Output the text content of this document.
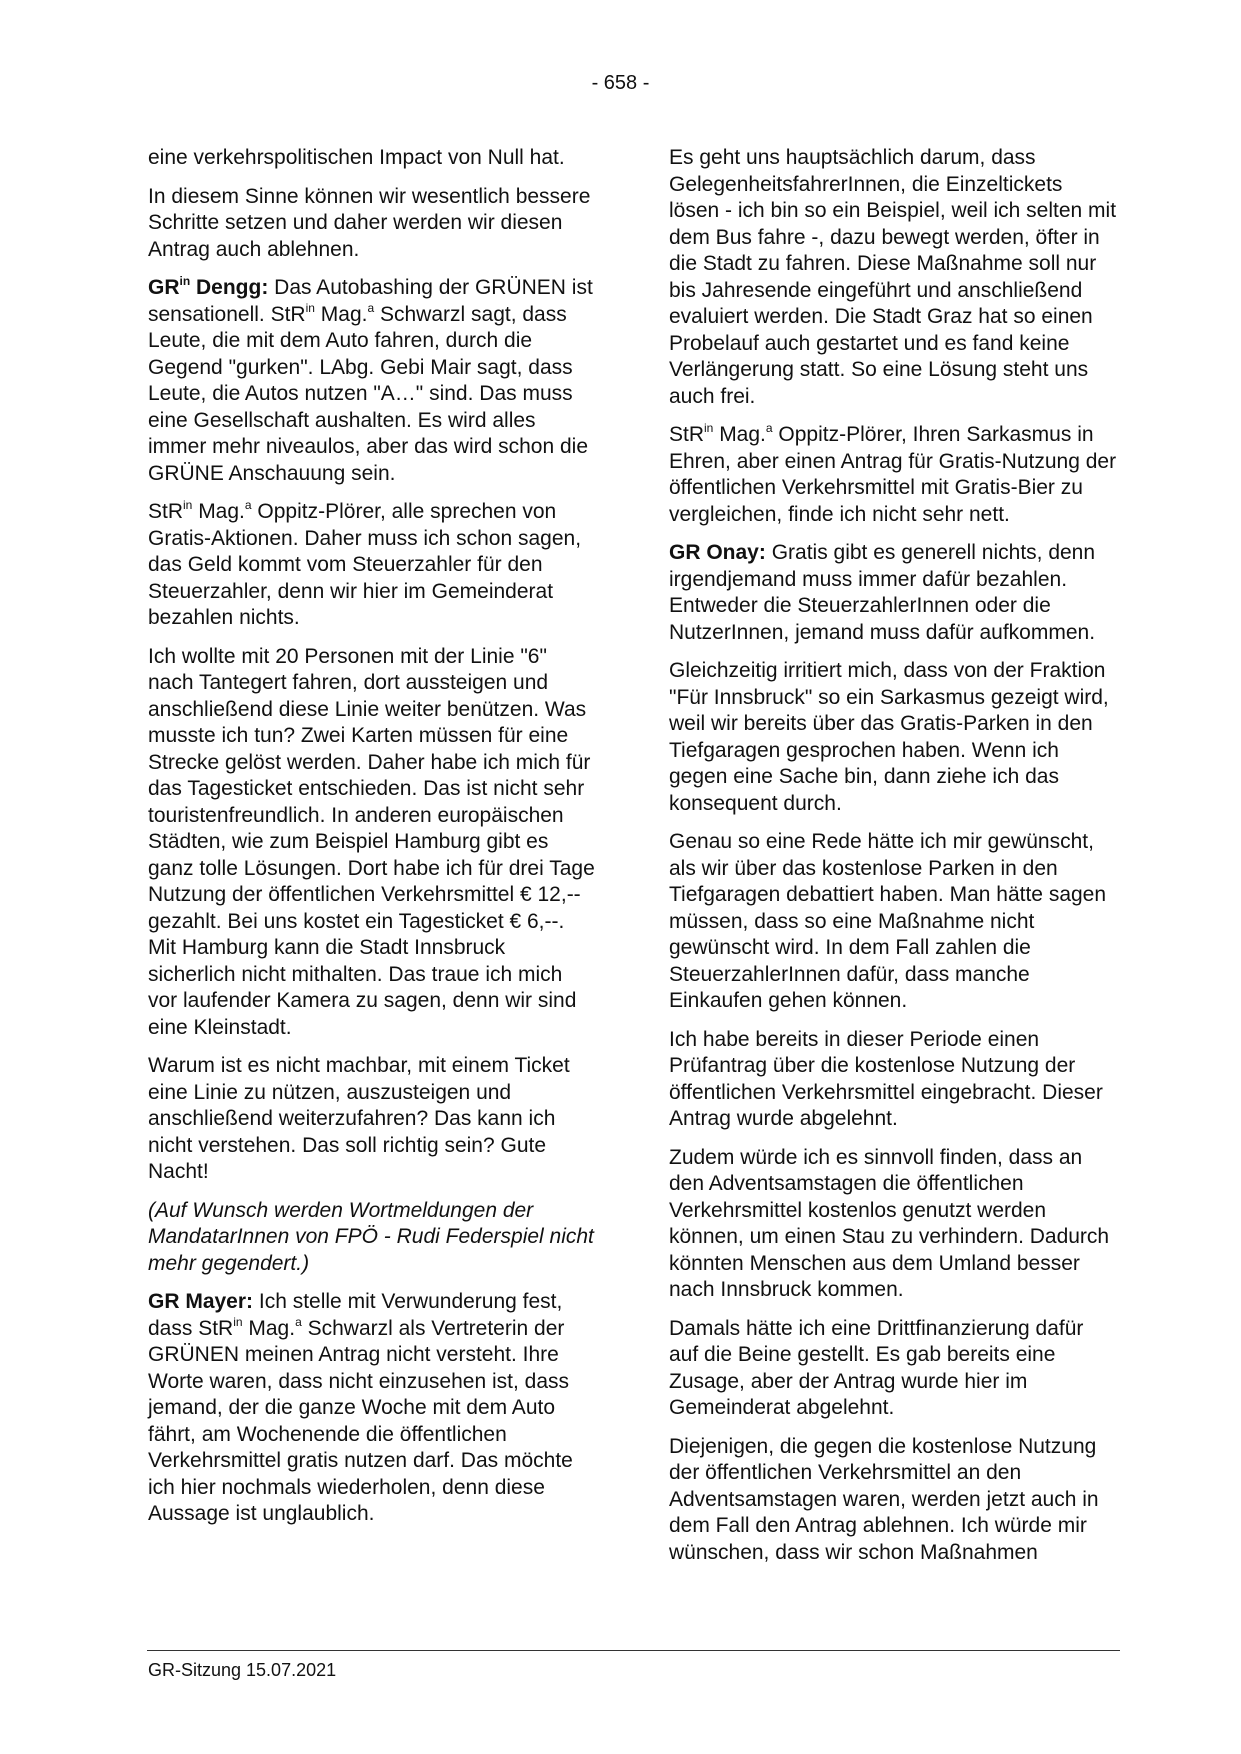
- 658 -

eine verkehrspolitischen Impact von Null hat.

In diesem Sinne können wir wesentlich bessere Schritte setzen und daher werden wir diesen Antrag auch ablehnen.

$GR^{in}$ Dengg: Das Autobashing der GRÜNEN ist sensationell. StR$^{in}$ Mag.$^a$ Schwarzl sagt, dass Leute, die mit dem Auto fahren, durch die Gegend "gurken". LAbg. Gebi Mair sagt, dass Leute, die Autos nutzen "A…" sind. Das muss eine Gesellschaft aushalten. Es wird alles immer mehr niveaulos, aber das wird schon die GRÜNE Anschauung sein.

StR$^{in}$ Mag.$^a$ Oppitz-Plörer, alle sprechen von Gratis-Aktionen. Daher muss ich schon sagen, das Geld kommt vom Steuerzahler für den Steuerzahler, denn wir hier im Gemeinderat bezahlen nichts.

Ich wollte mit 20 Personen mit der Linie "6" nach Tantegert fahren, dort aussteigen und anschließend diese Linie weiter benützen. Was musste ich tun? Zwei Karten müssen für eine Strecke gelöst werden. Daher habe ich mich für das Tagesticket entschieden. Das ist nicht sehr touristenfreundlich. In anderen europäischen Städten, wie zum Beispiel Hamburg gibt es ganz tolle Lösungen. Dort habe ich für drei Tage Nutzung der öffentlichen Verkehrsmittel € 12,-- gezahlt. Bei uns kostet ein Tagesticket € 6,--. Mit Hamburg kann die Stadt Innsbruck sicherlich nicht mithalten. Das traue ich mich vor laufender Kamera zu sagen, denn wir sind eine Kleinstadt.

Warum ist es nicht machbar, mit einem Ticket eine Linie zu nützen, auszusteigen und anschließend weiterzufahren? Das kann ich nicht verstehen. Das soll richtig sein? Gute Nacht!

(Auf Wunsch werden Wortmeldungen der MandatarInnen von FPÖ - Rudi Federspiel nicht mehr gegendert.)

GR Mayer: Ich stelle mit Verwunderung fest, dass StR$^{in}$ Mag.$^a$ Schwarzl als Vertreterin der GRÜNEN meinen Antrag nicht versteht. Ihre Worte waren, dass nicht einzusehen ist, dass jemand, der die ganze Woche mit dem Auto fährt, am Wochenende die öffentlichen Verkehrsmittel gratis nutzen darf. Das möchte ich hier nochmals wiederholen, denn diese Aussage ist unglaublich.

Es geht uns hauptsächlich darum, dass GelegenheitsfahrerInnen, die Einzeltickets lösen - ich bin so ein Beispiel, weil ich selten mit dem Bus fahre -, dazu bewegt werden, öfter in die Stadt zu fahren. Diese Maßnahme soll nur bis Jahresende eingeführt und anschließend evaluiert werden. Die Stadt Graz hat so einen Probelauf auch gestartet und es fand keine Verlängerung statt. So eine Lösung steht uns auch frei.

StR$^{in}$ Mag.$^a$ Oppitz-Plörer, Ihren Sarkasmus in Ehren, aber einen Antrag für Gratis-Nutzung der öffentlichen Verkehrsmittel mit Gratis-Bier zu vergleichen, finde ich nicht sehr nett.

GR Onay: Gratis gibt es generell nichts, denn irgendjemand muss immer dafür bezahlen. Entweder die SteuerzahlerInnen oder die NutzerInnen, jemand muss dafür aufkommen.

Gleichzeitig irritiert mich, dass von der Fraktion "Für Innsbruck" so ein Sarkasmus gezeigt wird, weil wir bereits über das Gratis-Parken in den Tiefgaragen gesprochen haben. Wenn ich gegen eine Sache bin, dann ziehe ich das konsequent durch.

Genau so eine Rede hätte ich mir gewünscht, als wir über das kostenlose Parken in den Tiefgaragen debattiert haben. Man hätte sagen müssen, dass so eine Maßnahme nicht gewünscht wird. In dem Fall zahlen die SteuerzahlerInnen dafür, dass manche Einkaufen gehen können.

Ich habe bereits in dieser Periode einen Prüfantrag über die kostenlose Nutzung der öffentlichen Verkehrsmittel eingebracht. Dieser Antrag wurde abgelehnt.

Zudem würde ich es sinnvoll finden, dass an den Adventsamstagen die öffentlichen Verkehrsmittel kostenlos genutzt werden können, um einen Stau zu verhindern. Dadurch könnten Menschen aus dem Umland besser nach Innsbruck kommen.

Damals hätte ich eine Drittfinanzierung dafür auf die Beine gestellt. Es gab bereits eine Zusage, aber der Antrag wurde hier im Gemeinderat abgelehnt.

Diejenigen, die gegen die kostenlose Nutzung der öffentlichen Verkehrsmittel an den Adventsamstagen waren, werden jetzt auch in dem Fall den Antrag ablehnen. Ich würde mir wünschen, dass wir schon Maßnahmen

GR-Sitzung 15.07.2021
